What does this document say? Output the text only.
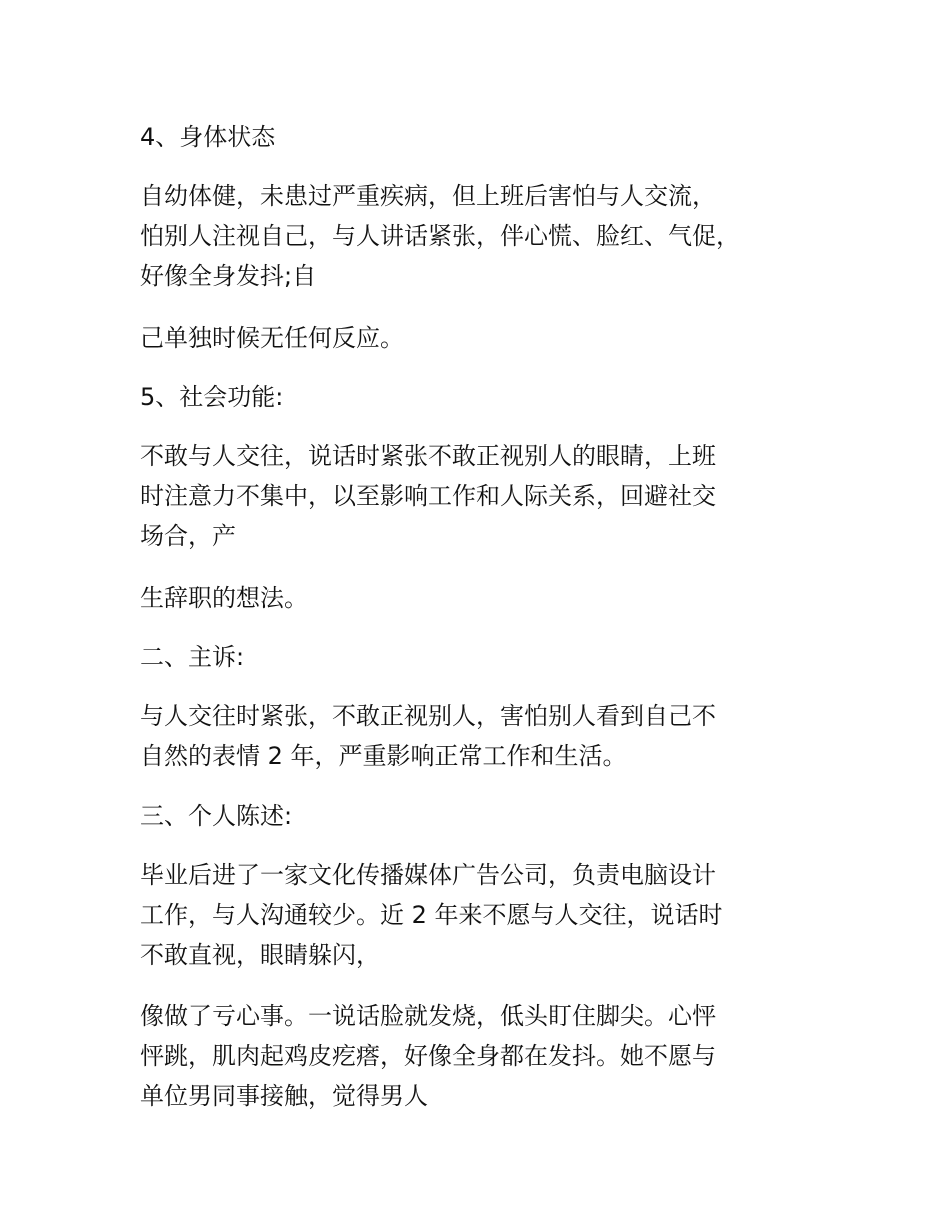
4、身体状态
自幼体健，未患过严重疾病，但上班后害怕与人交流，
怕别人注视自己，与人讲话紧张，伴心慌、脸红、气促，
好像全身发抖;自
己单独时候无任何反应。
5、社会功能:
不敢与人交往，说话时紧张不敢正视别人的眼睛，上班
时注意力不集中，以至影响工作和人际关系，回避社交
场合，产
生辞职的想法。
二、主诉:
与人交往时紧张，不敢正视别人，害怕别人看到自己不
自然的表情 2 年，严重影响正常工作和生活。
三、个人陈述:
毕业后进了一家文化传播媒体广告公司，负责电脑设计
工作，与人沟通较少。近 2 年来不愿与人交往，说话时
不敢直视，眼睛躲闪，
像做了亏心事。一说话脸就发烧，低头盯住脚尖。心怦
怦跳，肌肉起鸡皮疙瘩，好像全身都在发抖。她不愿与
单位男同事接触，觉得男人
